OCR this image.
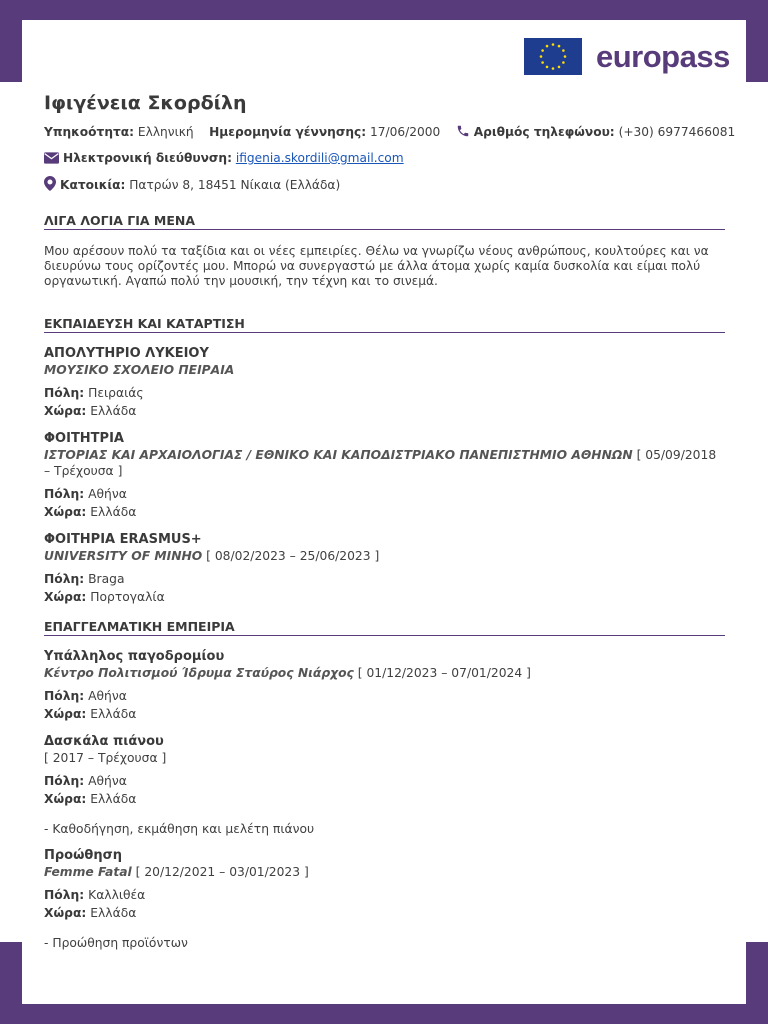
europass
Ιφιγένεια Σκορδίλη
Υπηκοότητα: Ελληνική Ημερομηνία γέννησης: 17/06/2000	Αριθμός τηλεφώνου: (+30) 6977466081
Ηλεκτρονική διεύθυνση: ifigenia.skordili@gmail.com
Κατοικία: Πατρών 8, 18451 Νίκαια (Ελλάδα)
ΛΙΓΑ ΛΟΓΙΑ ΓΙΑ ΜΕΝΑ
Μου αρέσουν πολύ τα ταξίδια και οι νέες εμπειρίες. Θέλω να γνωρίζω νέους ανθρώπους, κουλτούρες και να διευρύνω τους ορίζοντές μου. Μπορώ να συνεργαστώ με άλλα άτομα χωρίς καμία δυσκολία και είμαι πολύ οργανωτική. Αγαπώ πολύ την μουσική, την τέχνη και το σινεμά.
ΕΚΠΑΙΔΕΥΣΗ ΚΑΙ ΚΑΤΑΡΤΙΣΗ
ΑΠΟΛΥΤΗΡΙΟ ΛΥΚΕΙΟΥ
ΜΟΥΣΙΚΟ ΣΧΟΛΕΙΟ ΠΕΙΡΑΙΑ
Πόλη: Πειραιάς
Χώρα: Ελλάδα
ΦΟΙΤΗΤΡΙΑ
ΙΣΤΟΡΙΑΣ ΚΑΙ ΑΡΧΑΙΟΛΟΓΙΑΣ / ΕΘΝΙΚΟ ΚΑΙ ΚΑΠΟΔΙΣΤΡΙΑΚΟ ΠΑΝΕΠΙΣΤΗΜΙΟ ΑΘΗΝΩΝ [ 05/09/2018 – Τρέχουσα ]
Πόλη: Αθήνα
Χώρα: Ελλάδα
ΦΟΙΤΗΡΙΑ ERASMUS+
UNIVERSITY OF MINHO [ 08/02/2023 – 25/06/2023 ]
Πόλη: Braga
Χώρα: Πορτογαλία
ΕΠΑΓΓΕΛΜΑΤΙΚΗ ΕΜΠΕΙΡΙΑ
Υπάλληλος παγοδρομίου
Κέντρο Πολιτισμού Ίδρυμα Σταύρος Νιάρχος [ 01/12/2023 – 07/01/2024 ]
Πόλη: Αθήνα
Χώρα: Ελλάδα
Δασκάλα πιάνου
[ 2017 – Τρέχουσα ]
Πόλη: Αθήνα
Χώρα: Ελλάδα
- Καθοδήγηση, εκμάθηση και μελέτη πιάνου
Προώθηση
Femme Fatal [ 20/12/2021 – 03/01/2023 ]
Πόλη: Καλλιθέα
Χώρα: Ελλάδα
- Προώθηση προϊόντων
